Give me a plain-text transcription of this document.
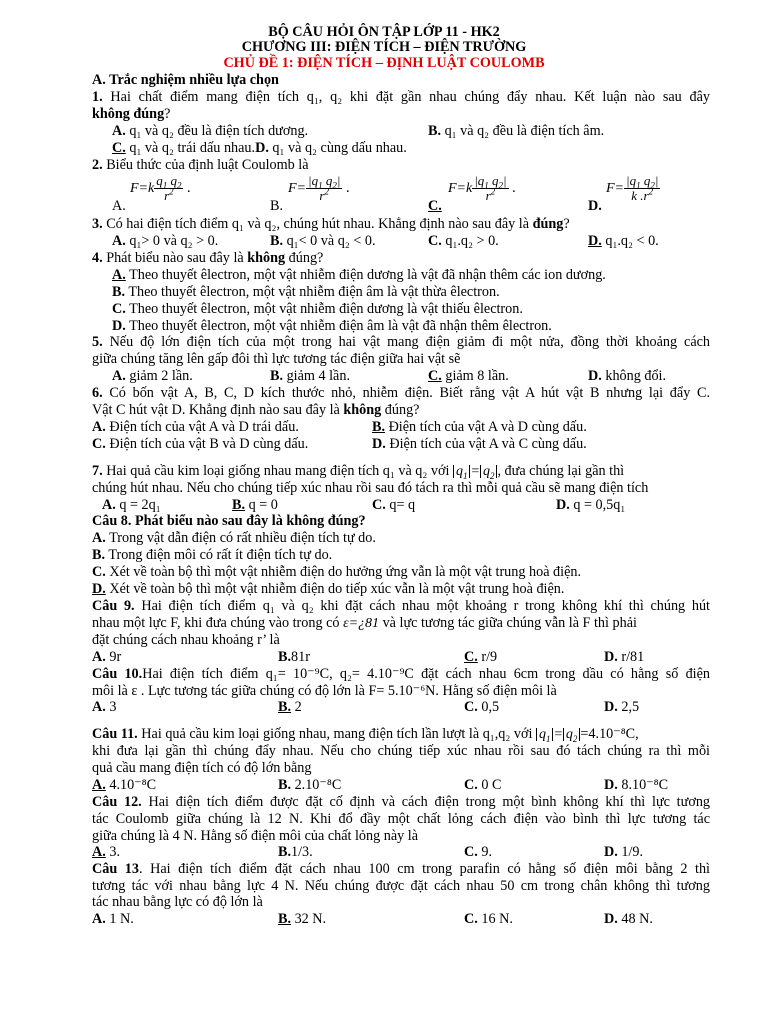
BỘ CÂU HỎI ÔN TẬP LỚP 11 - HK2
CHƯƠNG III: ĐIỆN TÍCH – ĐIỆN TRƯỜNG
CHỦ ĐỀ 1: ĐIỆN TÍCH – ĐỊNH LUẬT COULOMB
A. Trắc nghiệm nhiều lựa chọn
1. Hai chất điểm mang điện tích q₁, q₂ khi đặt gần nhau chúng đẩy nhau. Kết luận nào sau đây
không đúng?
A. q₁ và q₂ đều là điện tích dương.	B. q₁ và q₂ đều là điện tích âm.
C. q₁ và q₂ trái dấu nhau.D. q₁ và q₂ cùng dấu nhau.
2. Biểu thức của định luật Coulomb là
A.
$F=k \frac{q_1 q_2}{r^2}$ .
B.
$F= \frac{|q_1 q_2|}{r^2}$ .
C.
$F=k \frac{|q_1 q_2|}{r^2}$ .
D.
$F= \frac{|q_1 q_2|}{k .r^2}$
3. Có hai điện tích điểm q₁ và q₂, chúng hút nhau. Khẳng định nào sau đây là đúng?
A. q₁> 0 và q₂ > 0.	B. q₁< 0 và q₂ < 0.	C. q₁.q₂ > 0.	D. q₁.q₂ < 0.
4. Phát biểu nào sau đây là không đúng?
A. Theo thuyết êlectron, một vật nhiễm điện dương là vật đã nhận thêm các ion dương.
B. Theo thuyết êlectron, một vật nhiễm điện âm là vật thừa êlectron.
C. Theo thuyết êlectron, một vật nhiễm điện dương là vật thiếu êlectron.
D. Theo thuyết êlectron, một vật nhiễm điện âm là vật đã nhận thêm êlectron.
5. Nếu độ lớn điện tích của một trong hai vật mang điện giảm đi một nửa, đồng thời khoảng cách
giữa chúng tăng lên gấp đôi thì lực tương tác điện giữa hai vật sẽ
A. giảm 2 lần.	B. giảm 4 lần.	C. giảm 8 lần.	D. không đổi.
6. Có bốn vật A, B, C, D kích thước nhỏ, nhiễm điện. Biết rằng vật A hút vật B nhưng lại đẩy C.
Vật C hút vật D. Khẳng định nào sau đây là không đúng?
A. Điện tích của vật A và D trái dấu.	B. Điện tích của vật A và D cùng dấu.
C. Điện tích của vật B và D cùng dấu.	D. Điện tích của vật A và C cùng dấu.
7. Hai quả cầu kim loại giống nhau mang điện tích q₁ và q₂ với $q_1 = q_2$ , đưa chúng lại gần thì
chúng hút nhau. Nếu cho chúng tiếp xúc nhau rồi sau đó tách ra thì mỗi quả cầu sẽ mang điện tích
A. q = 2q₁	B. q = 0	C. q= q	D. q = 0,5q₁
Câu 8. Phát biểu nào sau đây là không đúng?
A. Trong vật dẫn điện có rất nhiều điện tích tự do.
B. Trong điện môi có rất ít điện tích tự do.
C. Xét về toàn bộ thì một vật nhiễm điện do hưởng ứng vẫn là một vật trung hoà điện.
D. Xét về toàn bộ thì một vật nhiễm điện do tiếp xúc vẫn là một vật trung hoà điện.
Câu 9. Hai điện tích điểm q₁ và q₂ khi đặt cách nhau một khoảng r trong không khí thì chúng hút
nhau một lực F, khi đưa chúng vào trong có ε=¿81 và lực tương tác giữa chúng vẫn là F thì phải
đặt chúng cách nhau khoảng r’ là
A. 9r	B.81r	C. r/9	D. r/81
Câu 10.Hai điện tích điểm q₁= 10⁻⁹C, q₂= 4.10⁻⁹C đặt cách nhau 6cm trong dầu có hằng số điện
môi là ε . Lực tương tác giữa chúng có độ lớn là F= 5.10⁻⁶N. Hằng số điện môi là
A. 3	B. 2	C. 0,5	D. 2,5
Câu 11. Hai quả cầu kim loại giống nhau, mang điện tích lần lượt là q₁,q₂ với $q_1 = q_2 =4.10^{-8}C$,
khi đưa lại gần thì chúng đẩy nhau. Nếu cho chúng tiếp xúc nhau rồi sau đó tách chúng ra thì mỗi
quả cầu mang điện tích có độ lớn bằng
A. 4.10⁻⁸C	B. 2.10⁻⁸C	C. 0 C	D. 8.10⁻⁸C
Câu 12. Hai điện tích điểm được đặt cố định và cách điện trong một bình không khí thì lực tương
tác Coulomb giữa chúng là 12 N. Khi đổ đầy một chất lỏng cách điện vào bình thì lực tương tác
giữa chúng là 4 N. Hằng số điện môi của chất lỏng này là
A. 3.	B.1/3.	C. 9.	D. 1/9.
Câu 13. Hai điện tích điểm đặt cách nhau 100 cm trong parafin có hằng số điện môi bằng 2 thì
tương tác với nhau bằng lực 4 N. Nếu chúng được đặt cách nhau 50 cm trong chân không thì tương
tác nhau bằng lực có độ lớn là
A. 1 N.	B. 32 N.	C. 16 N.	D. 48 N.
